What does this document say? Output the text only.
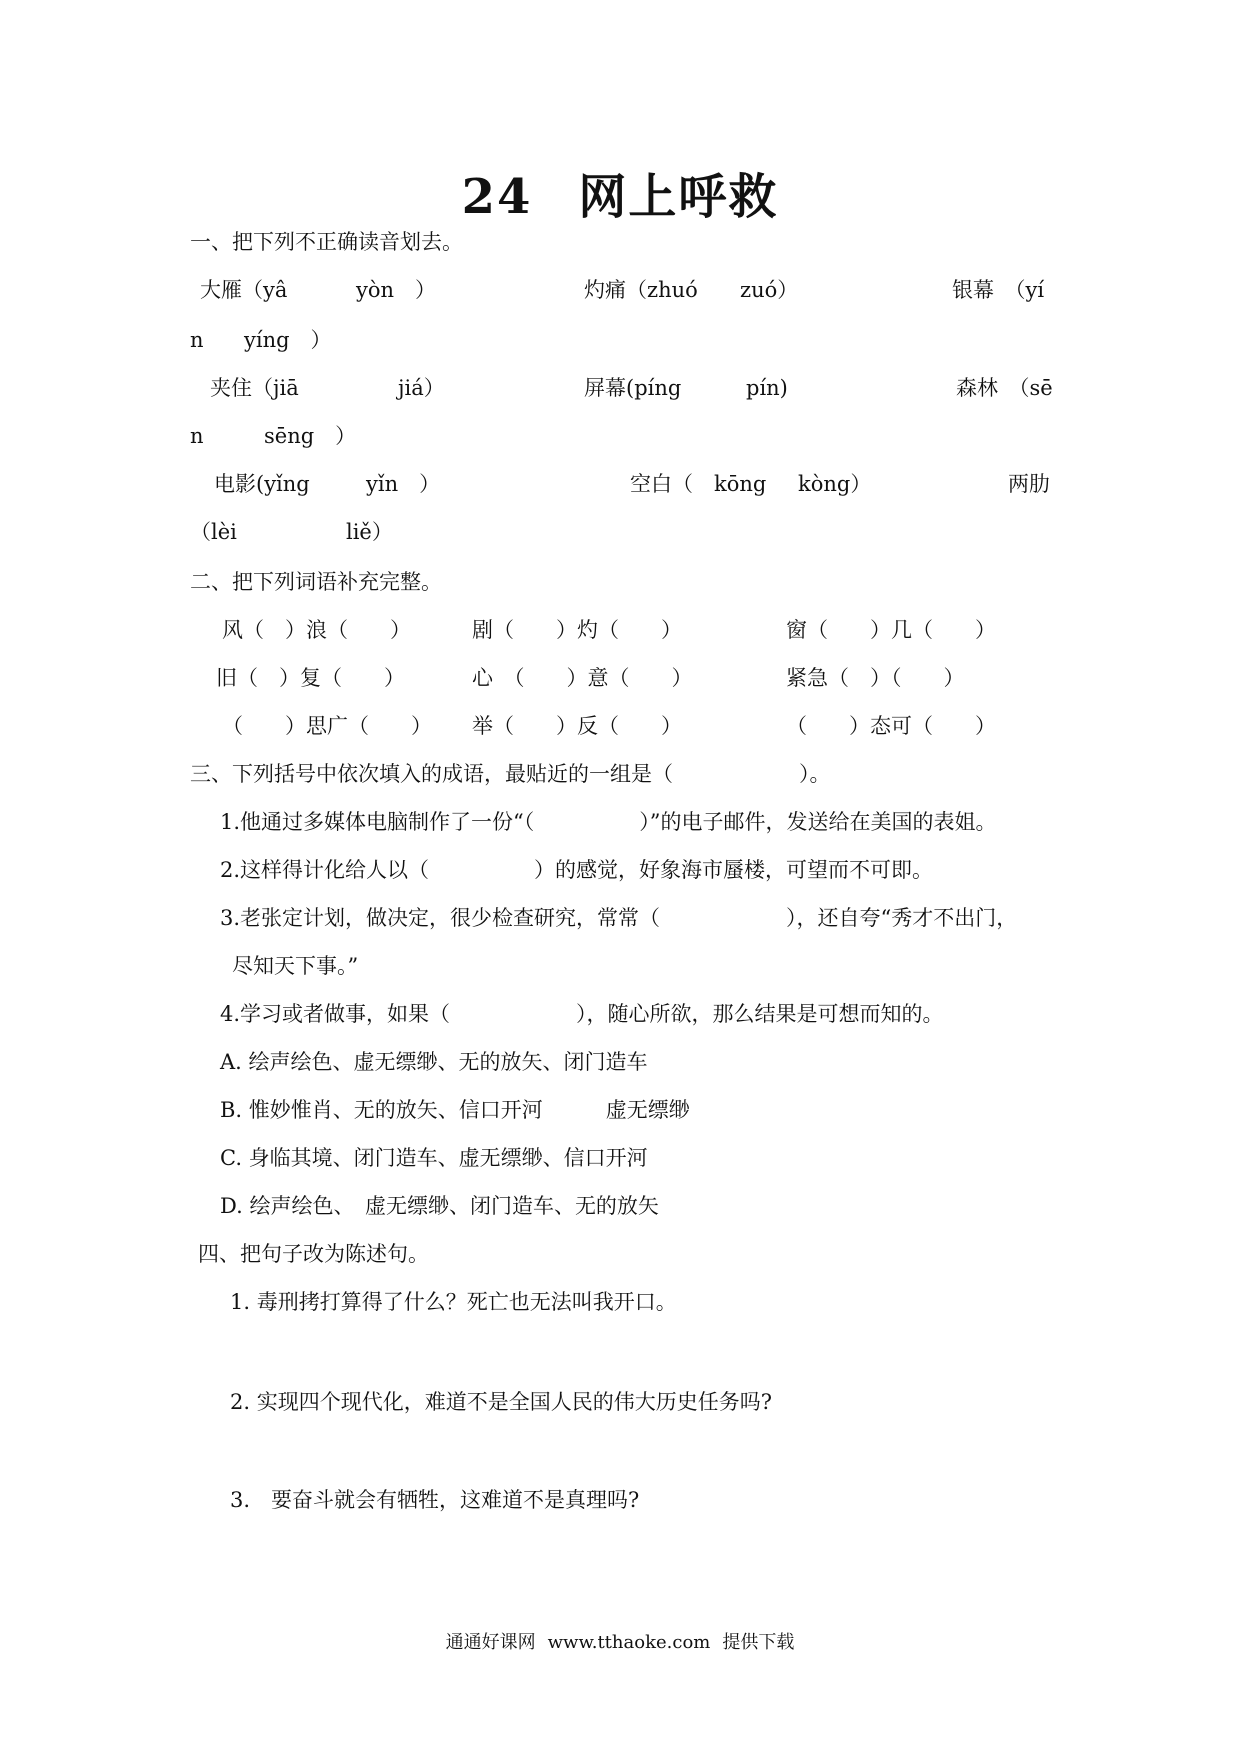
24 网上呼救
一、把下列不正确读音划去。
大雁（yâ	yòn　）	灼痛（zhuó zuó）	银幕　（yí
n yíng　）
夹住（jiā	jiá）	屏幕(píng	pín)	森林　（sē
n	sēng　）
电影(yǐng	yǐn　）	空白（　kōng kòng）	两肋
（lèi	liě）
二、把下列词语补充完整。
风（　）浪（　　）	剧（　　）灼（　　）	窗（　　）几（　　）
旧（　）复（　　）	心　（　　）意（　　）	紧急（　）（　　）
（　　）思广（　　） 举（　　）反（　　）	（　　）态可（　　）
三、下列括号中依次填入的成语，最贴近的一组是（　　　　　　）。
1.他通过多媒体电脑制作了一份“（　　　　　）”的电子邮件，发送给在美国的表姐。
2.这样得计化给人以（　　　　　）的感觉，好象海市蜃楼，可望而不可即。
3.老张定计划，做决定，很少检查研究，常常（　　　　　　），还自夸“秀才不出门，
尽知天下事。”
4.学习或者做事，如果（　　　　　　），随心所欲，那么结果是可想而知的。
A. 绘声绘色、虚无缥缈、无的放矢、闭门造车
B. 惟妙惟肖、无的放矢、信口开河　　　虚无缥缈
C. 身临其境、闭门造车、虚无缥缈、信口开河
D. 绘声绘色、　虚无缥缈、闭门造车、无的放矢
四、把句子改为陈述句。
1. 毒刑拷打算得了什么？死亡也无法叫我开口。
2. 实现四个现代化，难道不是全国人民的伟大历史任务吗?
3.　要奋斗就会有牺牲，这难道不是真理吗?
通通好课网 www.tthaoke.com 提供下载
